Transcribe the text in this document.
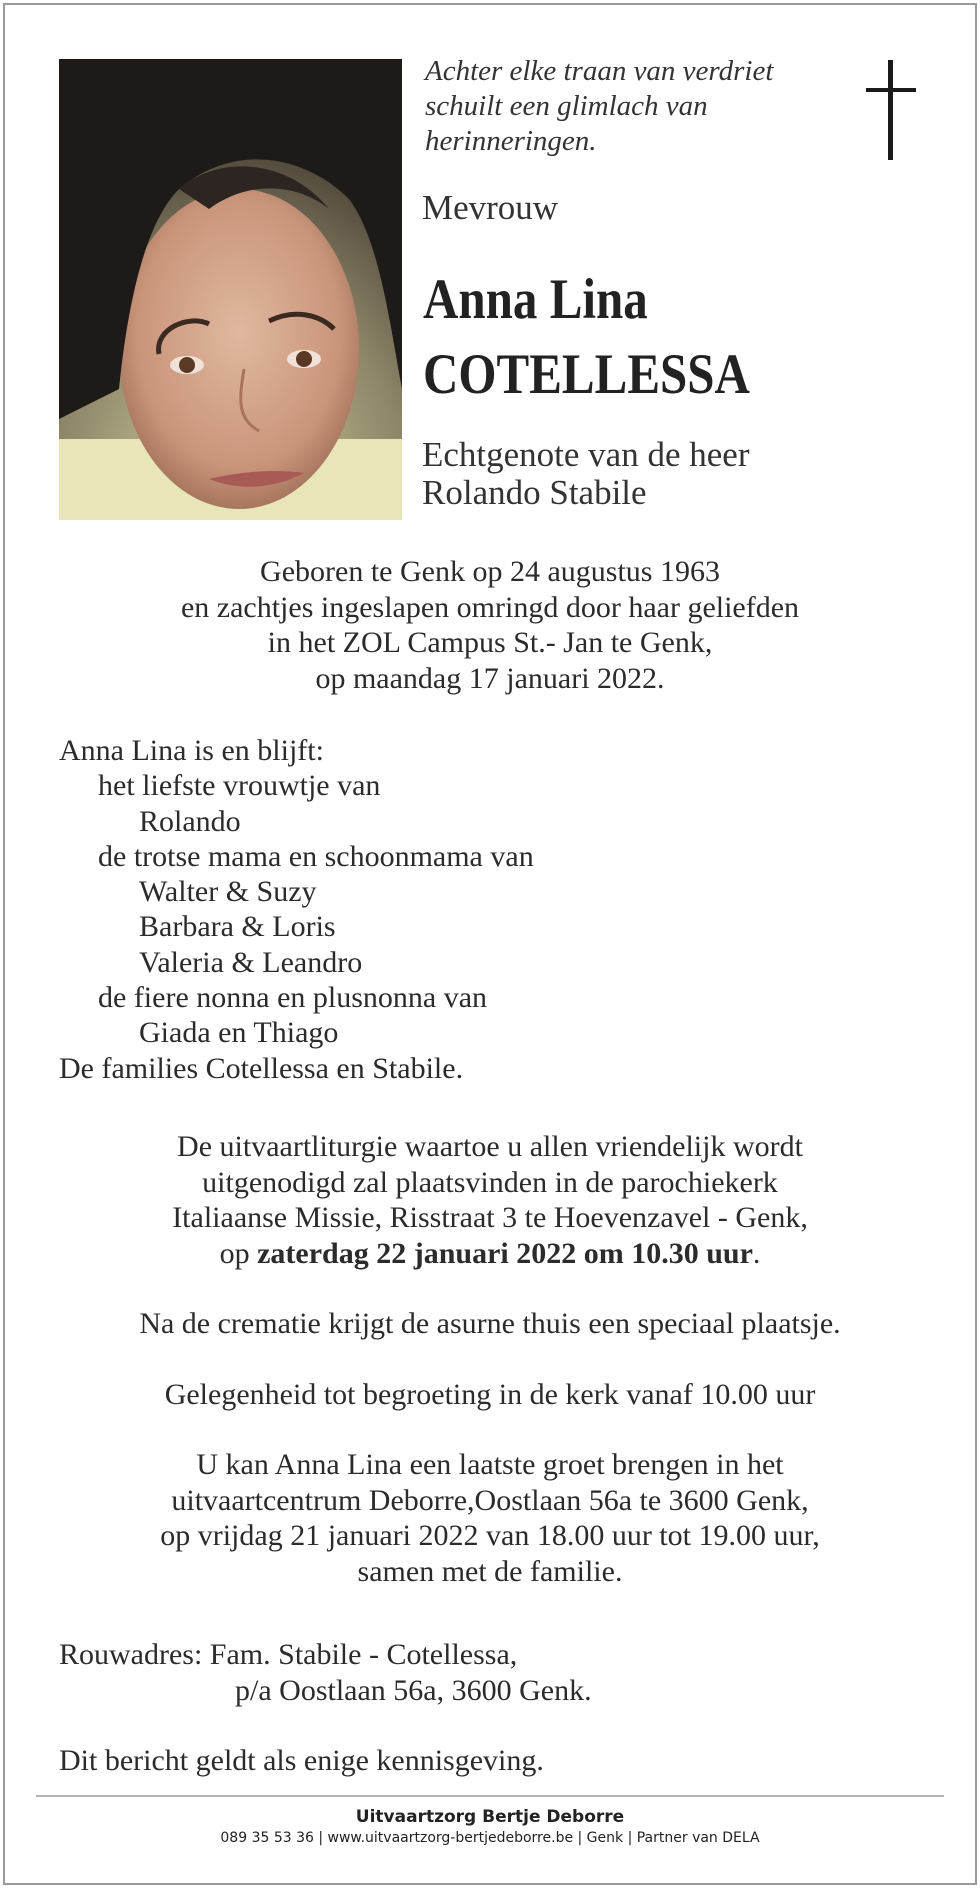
Achter elke traan van verdriet
schuilt een glimlach van
herinneringen.
Mevrouw
Anna Lina
COTELLESSA
Echtgenote van de heer
Rolando Stabile
Geboren te Genk op 24 augustus 1963
en zachtjes ingeslapen omringd door haar geliefden
in het ZOL Campus St.- Jan te Genk,
op maandag 17 januari 2022.
Anna Lina is en blijft:
het liefste vrouwtje van
Rolando
de trotse mama en schoonmama van
Walter & Suzy
Barbara & Loris
Valeria & Leandro
de fiere nonna en plusnonna van
Giada en Thiago
De families Cotellessa en Stabile.
De uitvaartliturgie waartoe u allen vriendelijk wordt
uitgenodigd zal plaatsvinden in de parochiekerk
Italiaanse Missie, Risstraat 3 te Hoevenzavel - Genk,
op zaterdag 22 januari 2022 om 10.30 uur.
Na de crematie krijgt de asurne thuis een speciaal plaatsje.
Gelegenheid tot begroeting in de kerk vanaf 10.00 uur
U kan Anna Lina een laatste groet brengen in het
uitvaartcentrum Deborre,Oostlaan 56a te 3600 Genk,
op vrijdag 21 januari 2022 van 18.00 uur tot 19.00 uur,
samen met de familie.
Rouwadres: Fam. Stabile - Cotellessa,
p/a Oostlaan 56a, 3600 Genk.
Dit bericht geldt als enige kennisgeving.
Uitvaartzorg Bertje Deborre
089 35 53 36 | www.uitvaartzorg-bertjedeborre.be | Genk | Partner van DELA
